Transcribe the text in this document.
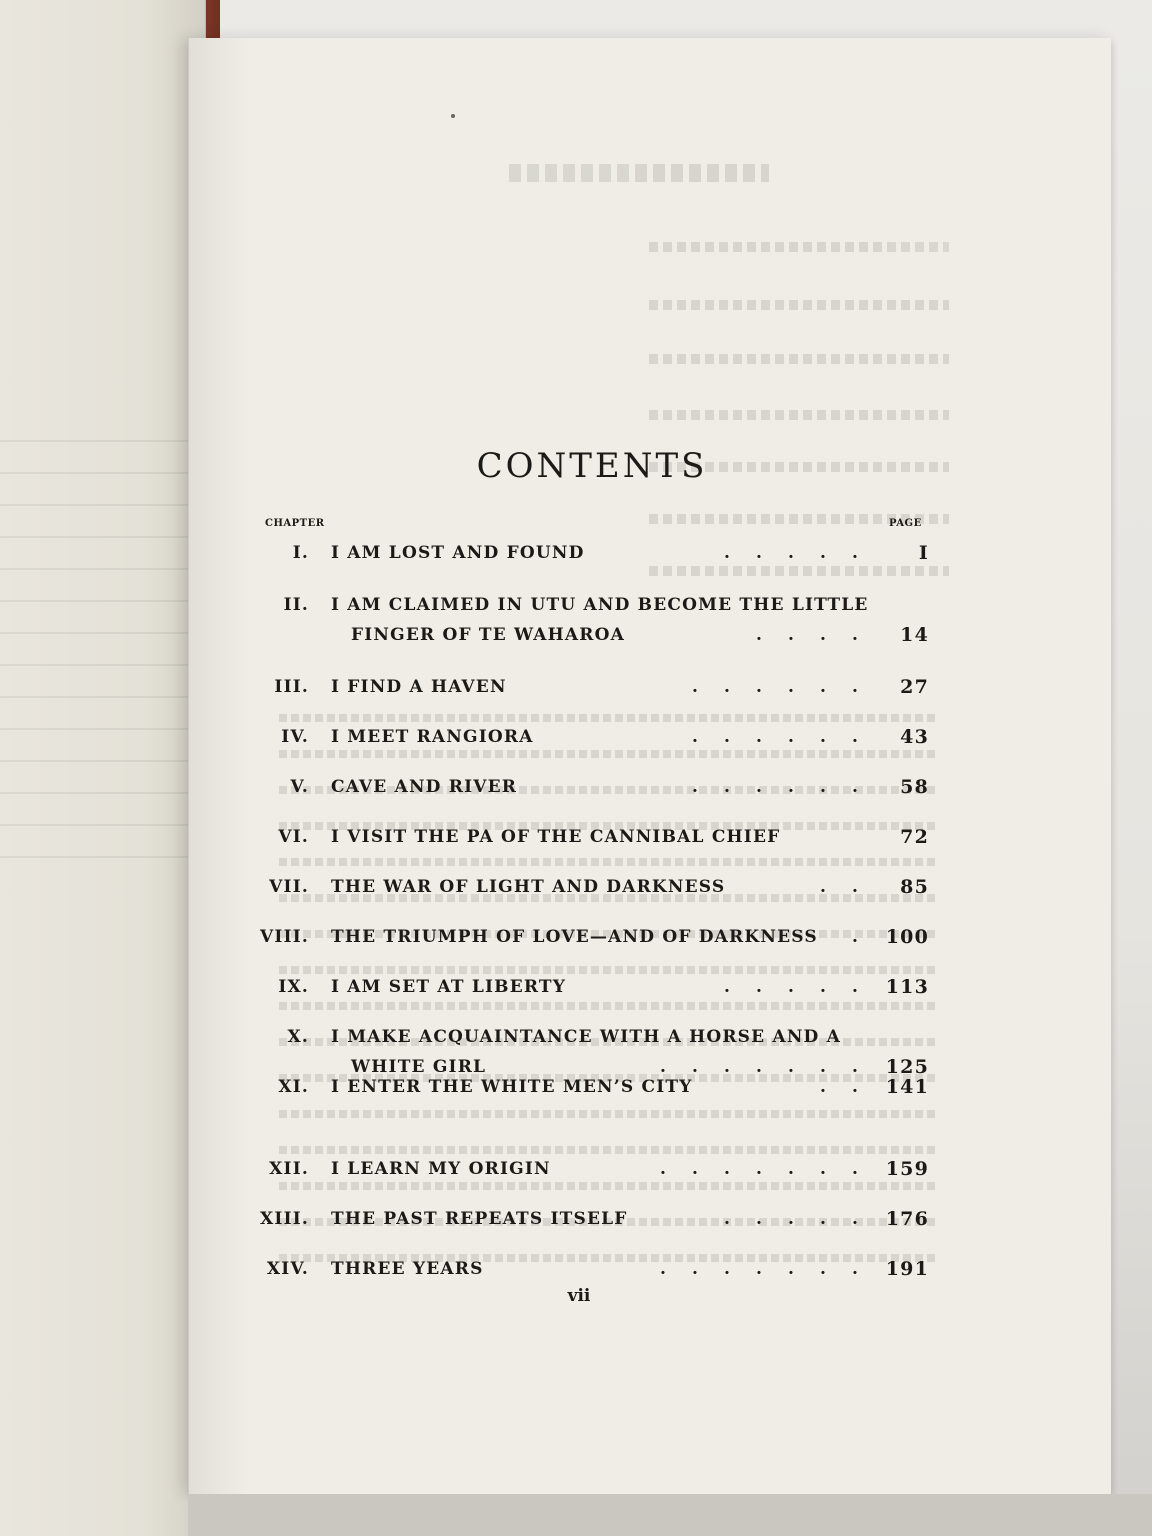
CONTENTS
CHAPTER	PAGE
I. I AM LOST AND FOUND	. . . . .	I
II. I AM CLAIMED IN UTU AND BECOME THE LITTLE
FINGER OF TE WAHAROA	. . . .	14
III. I FIND A HAVEN	. . . . . .	27
IV. I MEET RANGIORA	. . . . . .	43
V. CAVE AND RIVER	. . . . . .	58
VI. I VISIT THE PA OF THE CANNIBAL CHIEF	72
VII. THE WAR OF LIGHT AND DARKNESS	. .	85
VIII. THE TRIUMPH OF LOVE—AND OF DARKNESS	.	100
IX. I AM SET AT LIBERTY	. . . . .	113
X. I MAKE ACQUAINTANCE WITH A HORSE AND A
WHITE GIRL	. . . . . . .	125
XI. I ENTER THE WHITE MEN’S CITY	. .	141
XII. I LEARN MY ORIGIN	. . . . . . .	159
XIII. THE PAST REPEATS ITSELF	. . . . .	176
XIV. THREE YEARS	. . . . . . .	191
vii
